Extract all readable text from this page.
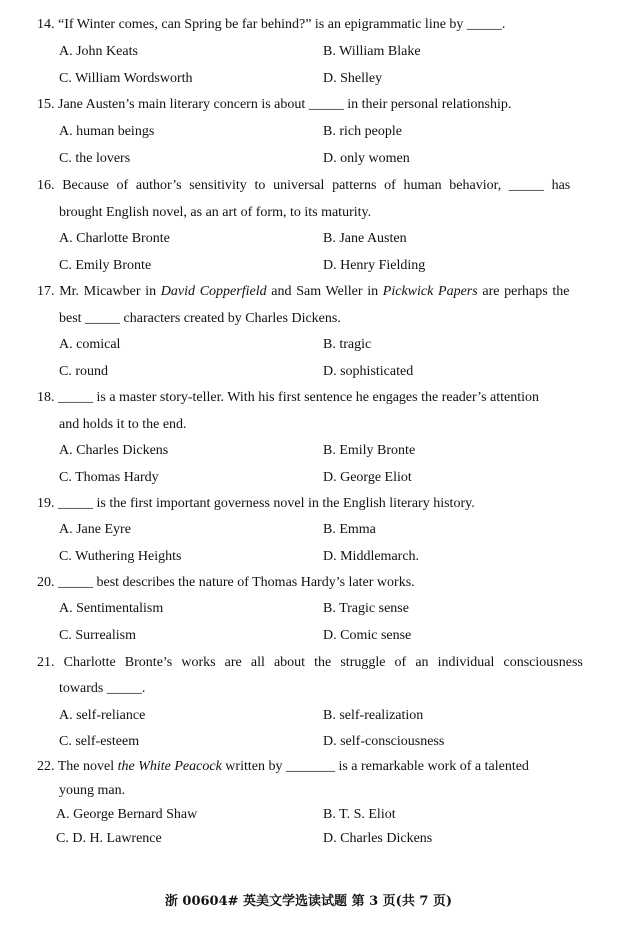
14. “If Winter comes, can Spring be far behind?” is an epigrammatic line by _____.
A. John Keats	B. William Blake
C. William Wordsworth	D. Shelley
15. Jane Austen’s main literary concern is about _____ in their personal relationship.
A. human beings	B. rich people
C. the lovers	D. only women
16. Because of author’s sensitivity to universal patterns of human behavior, _____ has
brought English novel, as an art of form, to its maturity.
A. Charlotte Bronte	B. Jane Austen
C. Emily Bronte	D. Henry Fielding
17. Mr. Micawber in David Copperfield and Sam Weller in Pickwick Papers are perhaps the
best _____ characters created by Charles Dickens.
A. comical	B. tragic
C. round	D. sophisticated
18. _____ is a master story-teller. With his first sentence he engages the reader’s attention
and holds it to the end.
A. Charles Dickens	B. Emily Bronte
C. Thomas Hardy	D. George Eliot
19. _____ is the first important governess novel in the English literary history.
A. Jane Eyre	B. Emma
C. Wuthering Heights	D. Middlemarch.
20. _____ best describes the nature of Thomas Hardy’s later works.
A. Sentimentalism	B. Tragic sense
C. Surrealism	D. Comic sense
21. Charlotte Bronte’s works are all about the struggle of an individual consciousness
towards _____.
A. self-reliance	B. self-realization
C. self-esteem	D. self-consciousness
22. The novel the White Peacock written by _______ is a remarkable work of a talented
young man.
A. George Bernard Shaw	B. T. S. Eliot
C. D. H. Lawrence	D. Charles Dickens
浙 00604# 英美文学选读试题 第 3 页(共 7 页)
